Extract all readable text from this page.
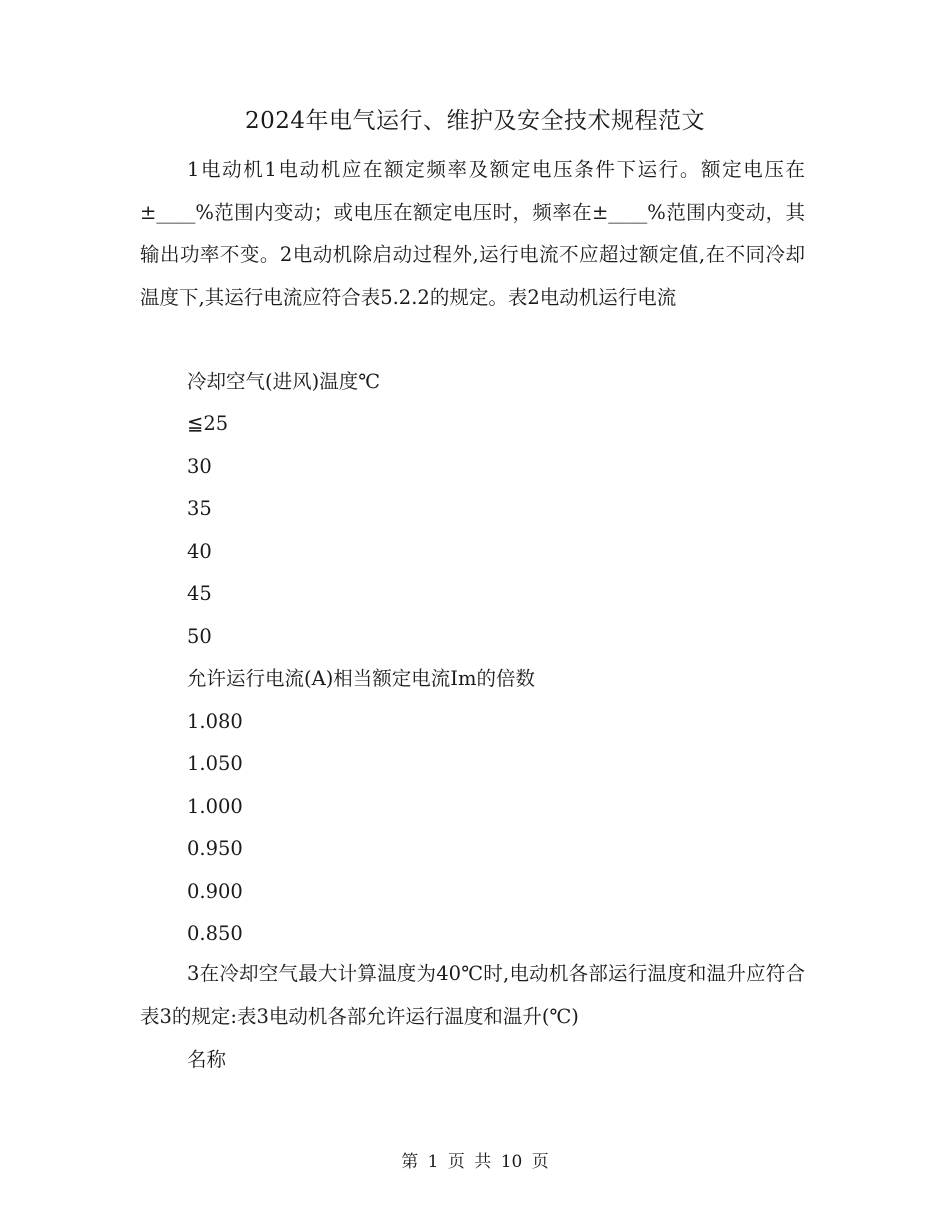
2024年电气运行、维护及安全技术规程范文

1电动机1电动机应在额定频率及额定电压条件下运行。额定电压在±____%范围内变动；或电压在额定电压时，频率在±____%范围内变动，其输出功率不变。2电动机除启动过程外,运行电流不应超过额定值,在不同冷却温度下,其运行电流应符合表5.2.2的规定。表2电动机运行电流

冷却空气(进风)温度℃
≦25
30
35
40
45
50
允许运行电流(A)相当额定电流Im的倍数
1.080
1.050
1.000
0.950
0.900
0.850

3在冷却空气最大计算温度为40℃时,电动机各部运行温度和温升应符合表3的规定:表3电动机各部允许运行温度和温升(℃)

名称
第 1 页 共 10 页
